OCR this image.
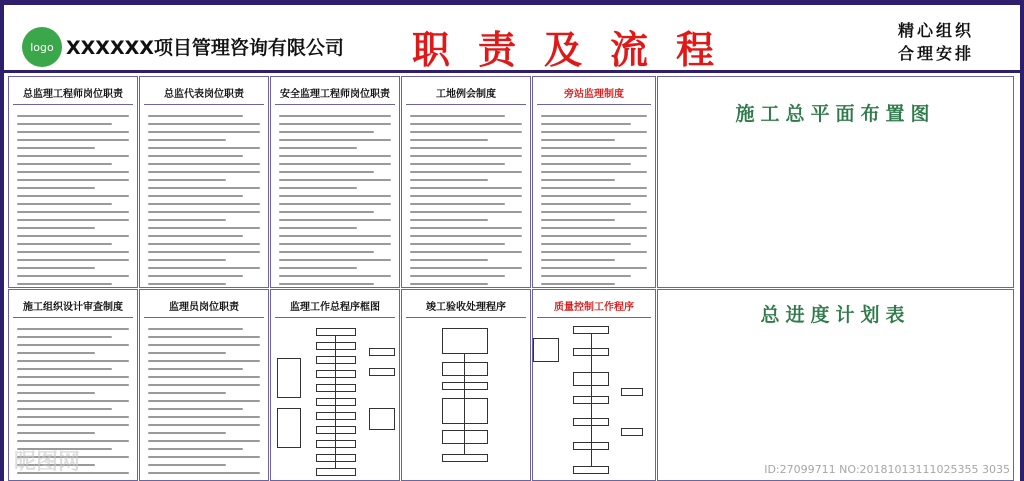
logo XXXXXX项目管理咨询有限公司 职责及流程	精心组织
合理安排
总监理工程师岗位职责	总监代表岗位职责	安全监理工程师岗位职责	工地例会制度	旁站监理制度
施工总平面布置图
施工组织设计审查制度	监理员岗位职责	监理工作总程序框图	竣工验收处理程序	质量控制工作程序	总进度计划表
昵图网	ID:27099711 NO:20181013111025355 3035
